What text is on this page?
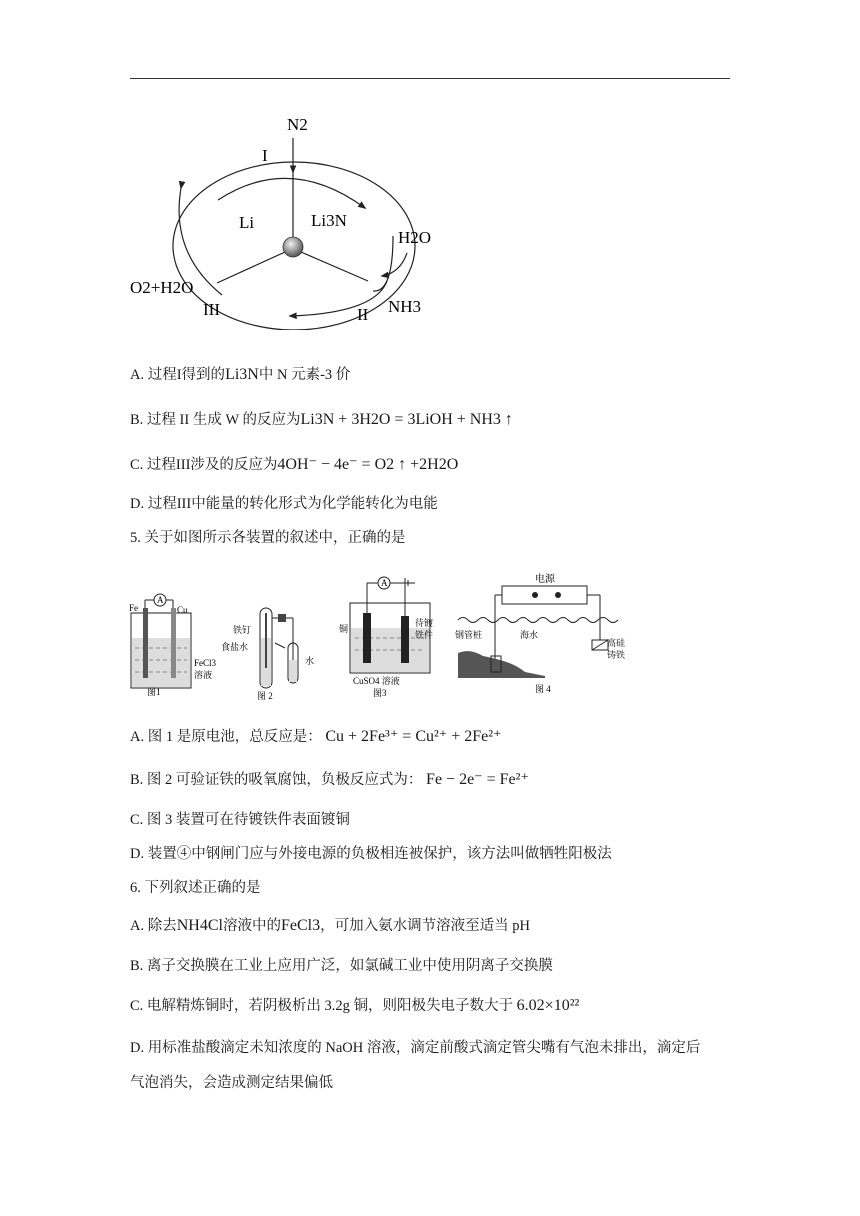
N2
I
Li	Li3N
H2O
O2+H2O
III	NH3
II
A. 过程I得到的Li3N中 N 元素-3 价
B. 过程 II 生成 W 的反应为Li3N + 3H2O = 3LiOH + NH3 ↑
C. 过程III涉及的反应为4OH⁻ − 4e⁻ = O2 ↑ +2H2O
D. 过程III中能量的转化形式为化学能转化为电能
5. 关于如图所示各装置的叙述中，正确的是
A
Fe	Cu
FeCl3
溶液
图1
铁钉
食盐水
水
图 2
A
铜
待镀
铁件
CuSO4 溶液
图3
电源
钢管桩	海水
高硅
铸铁
图 4
A. 图 1 是原电池，总反应是： Cu + 2Fe³⁺ = Cu²⁺ + 2Fe²⁺
B. 图 2 可验证铁的吸氧腐蚀，负极反应式为： Fe − 2e⁻ = Fe²⁺
C. 图 3 装置可在待镀铁件表面镀铜
D. 装置④中钢闸门应与外接电源的负极相连被保护，该方法叫做牺牲阳极法
6. 下列叙述正确的是
A. 除去NH4Cl溶液中的FeCl3，可加入氨水调节溶液至适当 pH
B. 离子交换膜在工业上应用广泛，如氯碱工业中使用阴离子交换膜
C. 电解精炼铜时，若阴极析出 3.2g 铜，则阳极失电子数大于 6.02×10²²
D. 用标准盐酸滴定未知浓度的 NaOH 溶液，滴定前酸式滴定管尖嘴有气泡未排出，滴定后
气泡消失，会造成测定结果偏低
